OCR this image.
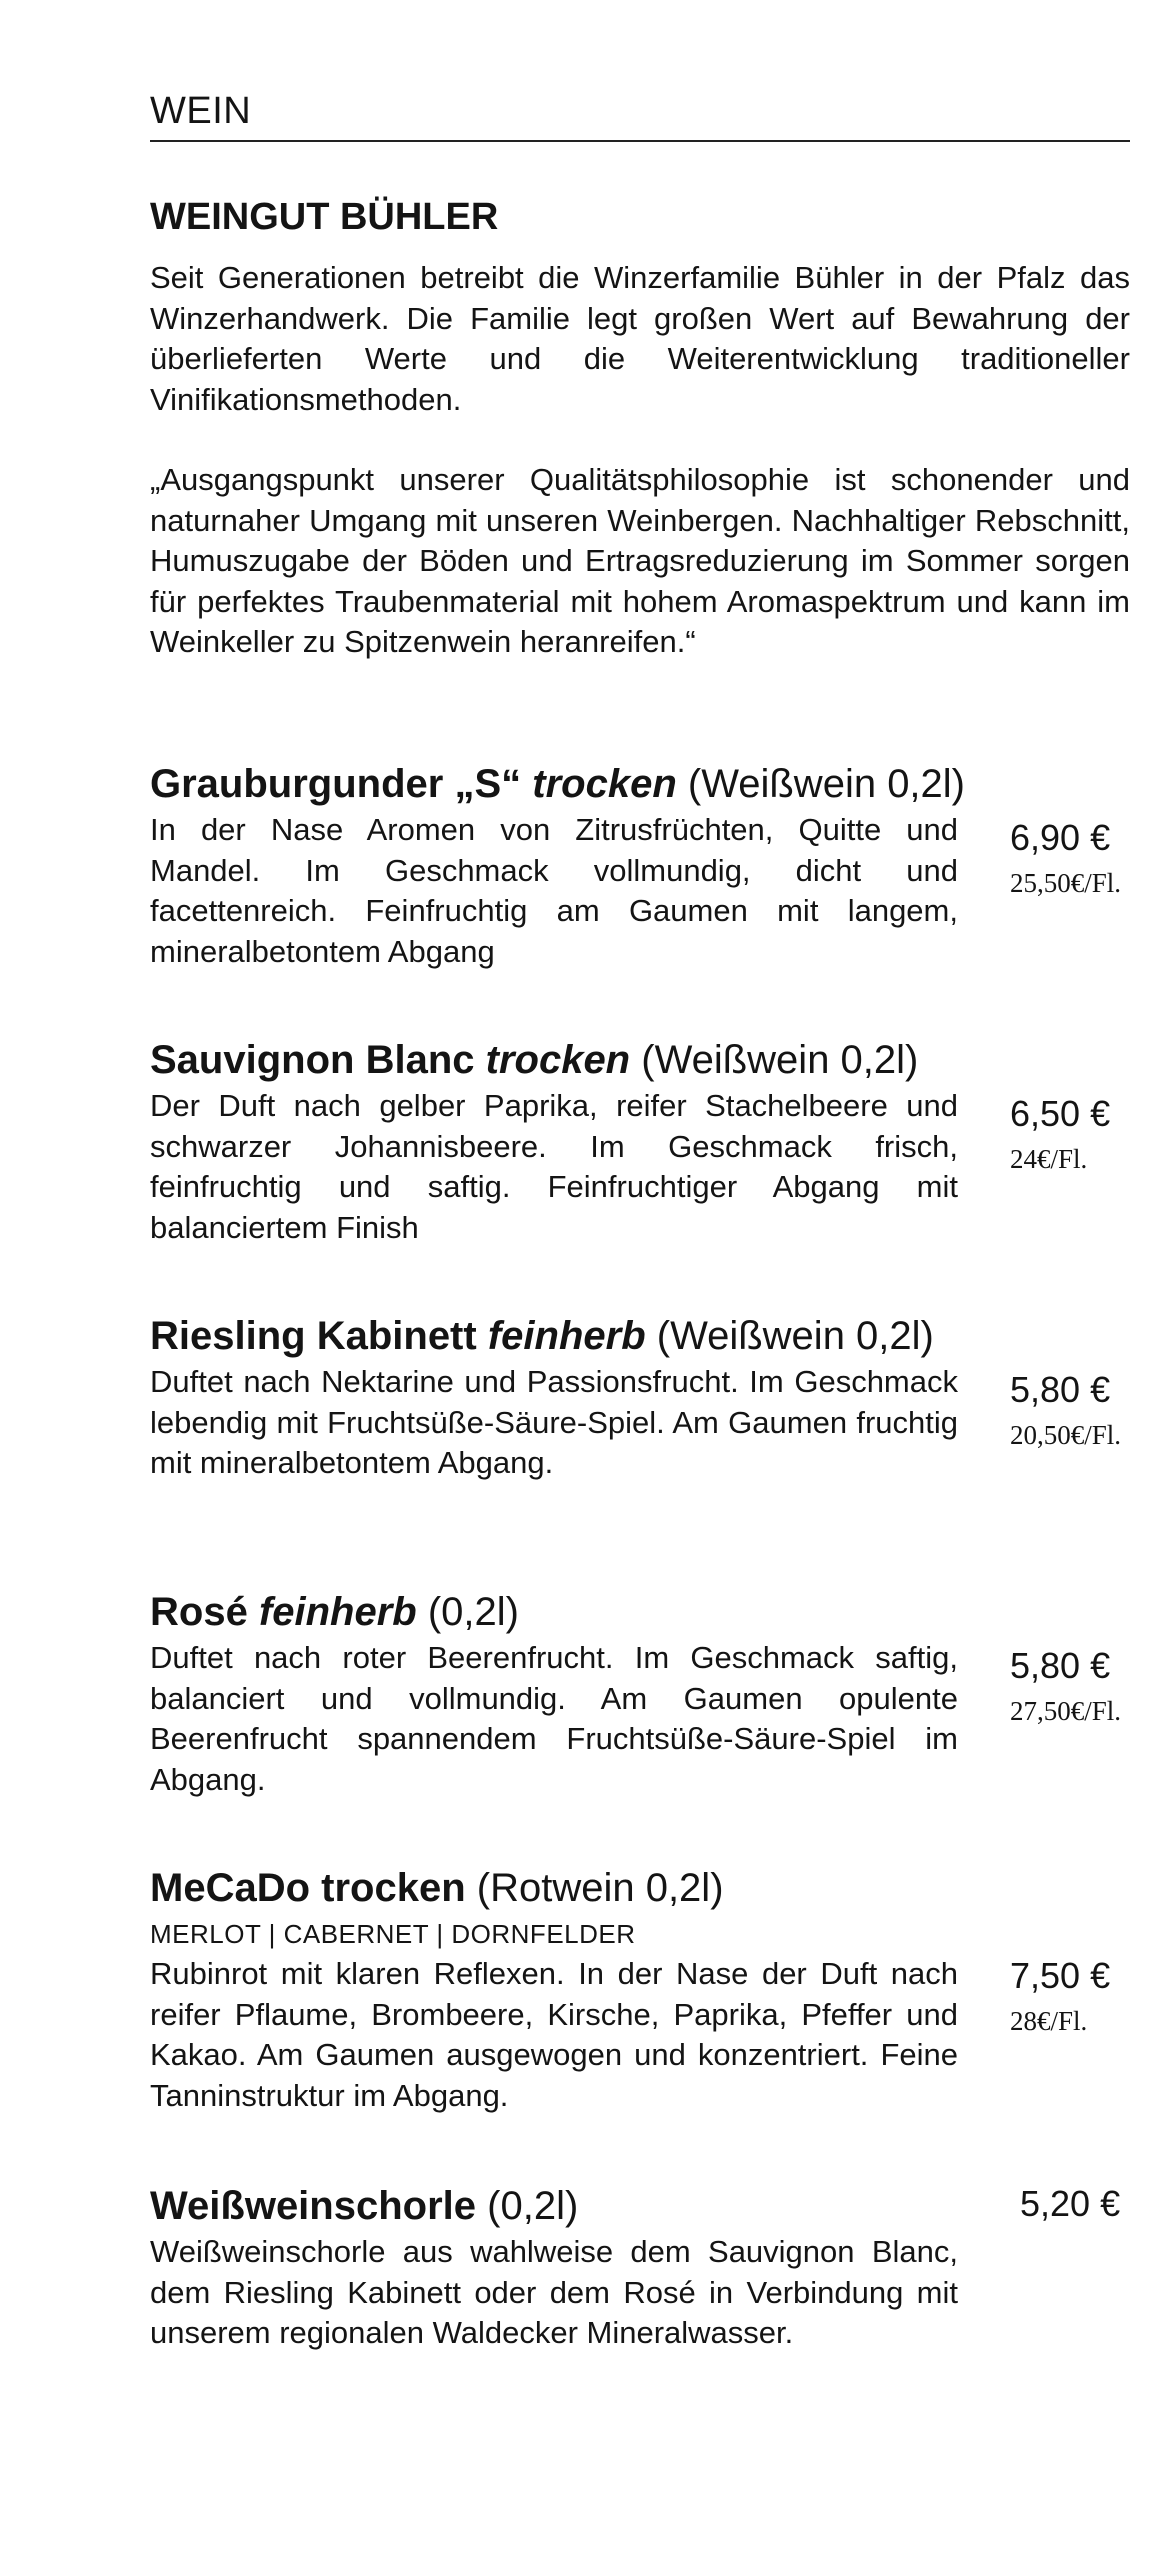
WEIN
WEINGUT BÜHLER

Seit Generationen betreibt die Winzerfamilie Bühler in der Pfalz das Winzerhandwerk. Die Familie legt großen Wert auf Bewahrung der überlieferten Werte und die Weiterentwicklung traditioneller Vinifikationsmethoden.

„Ausgangspunkt unserer Qualitätsphilosophie ist schonender und naturnaher Umgang mit unseren Weinbergen. Nachhaltiger Rebschnitt, Humuszugabe der Böden und Ertragsreduzierung im Sommer sorgen für perfektes Traubenmaterial mit hohem Aromaspektrum und kann im Weinkeller zu Spitzenwein heranreifen.“

Grauburgunder „S“ trocken (Weißwein 0,2l)

In der Nase Aromen von Zitrusfrüchten, Quitte und Mandel. Im Geschmack vollmundig, dicht und facettenreich. Feinfruchtig am Gaumen mit langem, mineralbetontem Abgang

6,90 €
25,50€/Fl.
Sauvignon Blanc trocken (Weißwein 0,2l)

Der Duft nach gelber Paprika, reifer Stachelbeere und schwarzer Johannisbeere. Im Geschmack frisch, feinfruchtig und saftig. Feinfruchtiger Abgang mit balanciertem Finish

6,50 €
24€/Fl.
Riesling Kabinett feinherb (Weißwein 0,2l)

Duftet nach Nektarine und Passionsfrucht. Im Geschmack lebendig mit Fruchtsüße-Säure-Spiel. Am Gaumen fruchtig mit mineralbetontem Abgang.

5,80 €
20,50€/Fl.
Rosé feinherb (0,2l)

Duftet nach roter Beerenfrucht. Im Geschmack saftig, balanciert und vollmundig. Am Gaumen opulente Beerenfrucht spannendem Fruchtsüße-Säure-Spiel im Abgang.

5,80 €
27,50€/Fl.
MeCaDo trocken (Rotwein 0,2l)
MERLOT | CABERNET | DORNFELDER

Rubinrot mit klaren Reflexen. In der Nase der Duft nach reifer Pflaume, Brombeere, Kirsche, Paprika, Pfeffer und Kakao. Am Gaumen ausgewogen und konzentriert. Feine Tanninstruktur im Abgang.

7,50 €
28€/Fl.
Weißweinschorle (0,2l)	5,20 €

Weißweinschorle aus wahlweise dem Sauvignon Blanc, dem Riesling Kabinett oder dem Rosé in Verbindung mit unserem regionalen Waldecker Mineralwasser.
